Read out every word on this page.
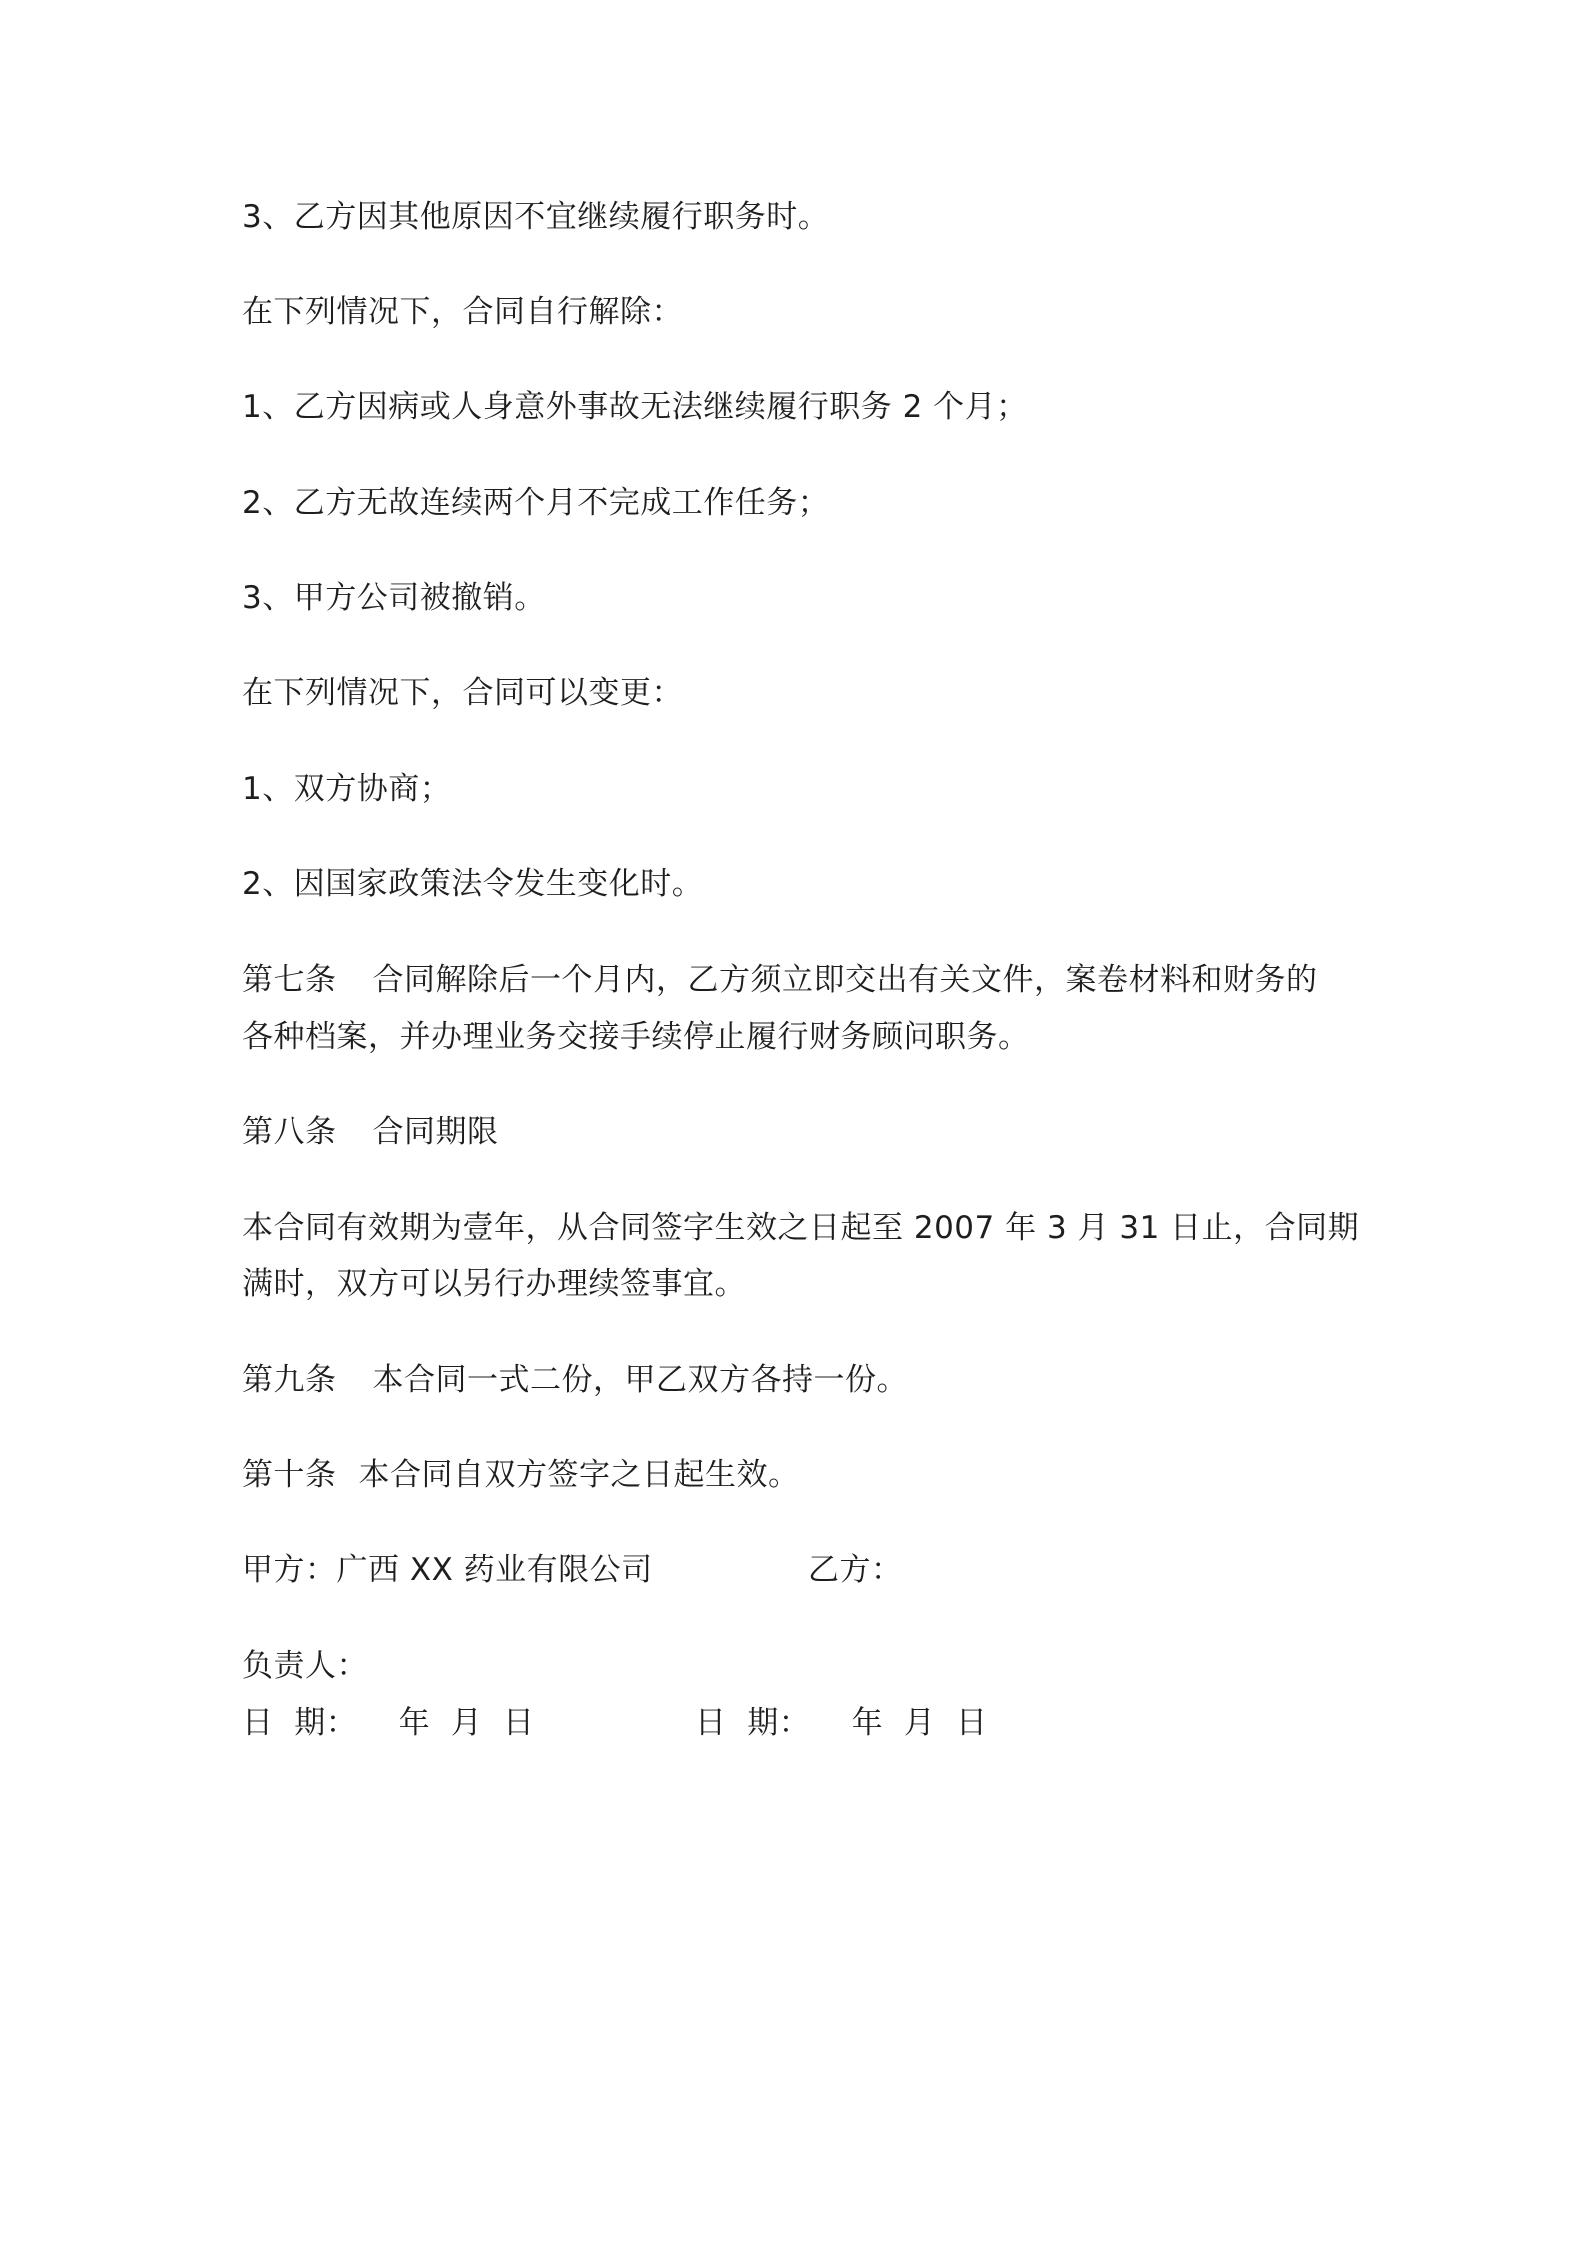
3、乙方因其他原因不宜继续履行职务时。

在下列情况下，合同自行解除：

1、乙方因病或人身意外事故无法继续履行职务 2 个月；

2、乙方无故连续两个月不完成工作任务；

3、甲方公司被撤销。

在下列情况下，合同可以变更：

1、双方协商；

2、因国家政策法令发生变化时。

第七条 合同解除后一个月内，乙方须立即交出有关文件，案卷材料和财务的

各种档案，并办理业务交接手续停止履行财务顾问职务。

第八条 合同期限

本合同有效期为壹年，从合同签字生效之日起至 2007 年 3 月 31 日止，合同期

满时，双方可以另行办理续签事宜。

第九条 本合同一式二份，甲乙双方各持一份。

第十条 本合同自双方签字之日起生效。

甲方：广西 XX 药业有限公司	乙方：

负责人：

日  期：    年  月  日	日  期：    年  月  日
